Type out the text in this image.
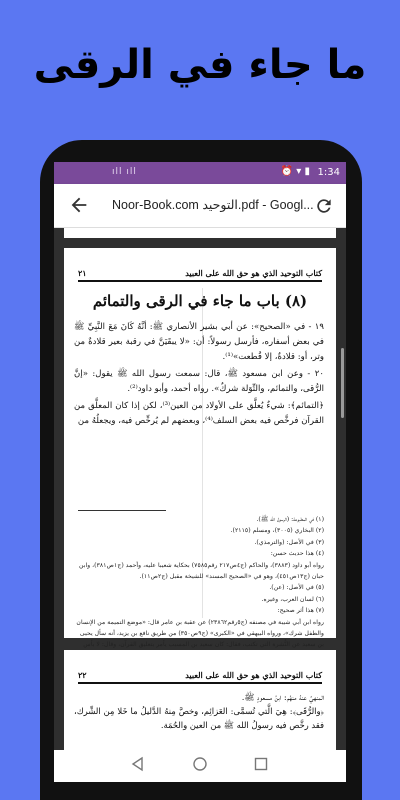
ما جاء في الرقى
ıll ıll	⏰ ▾ ▮ 1:34
Noor-Book.com التوحيد.pdf - Googl...
كتاب التوحيد الذي هو حق الله على العبيد
٢١
(٨) باب ما جاء في الرقى والتمائم

١٩ - في «الصحيح»: عن أبي بشير الأنصاري ﷺ: أنَّهُ كَانَ مَعَ النَّبِيِّ ﷺ في بعض أسفاره، فأرسل رسولاً: أن: «لا يبقَيَنَّ في رقبة بعير قلادةٌ من وتر، أو: قلادةٌ، إلا قُطعت»⁽¹⁾.

٢٠ - وعن ابن مسعود ﷺ، قال: سمعت رسول الله ﷺ يقول: «إنَّ الرُّقى، والتمائم، والتِّوَلة شركٌ». رواه أحمد، وأبو داود⁽²⁾.

﴿التمائم﴾: شيءٌ يُعلَّق على الأولاد من العين⁽³⁾، لكن إذا كان المعلَّق من القرآن فرخَّص فيه بعض السلف⁽⁴⁾، وبعضهم لم يُرخِّص فيه، ويجعلُهُ من

(١) في المطبوعة: (الرسول الله ﷺ).
(٢) البخاري (٣٠٠٥)، ومسلم (٢١١٥).
(٣) في الأصل: (والترمذي).
(٤) هذا حديث حسن:
رواه أبو داود (٣٨٨٣)، والحاكم (ج٤ص٢١٧ رقم٧٥٨٥) بحكاية شعيبا عليه، وأحمد (ج١ص٣٨١)، وابن حبان (ج١٣ص٤٥١)، وهو في «الصحيح المسند» للشيخة مقبل (ج٢ص١١).
(٥) في الأصل: (عن).
(٦) لسان العرب، وغيره.
(٧) هذا أثر صحيح:
رواه ابن أبي شيبة في مصنفه (ج٥رقم٢٣٨٦٢) عن عقبة بن عامر قال: «موضع التميمة من الإنسان والطفل شرك»، ورواه البيهقي في «الكبرى» (ج٩ص٣٥٠) من طريق نافع بن يزيد، أنه سأل يحيى بن سعيد عن النُّشرة التي تكتب، فقال: كان سعيد بن المسيب يأمر بتعليق القرآن، وقال: لا بأس
كتاب التوحيد الذي هو حق الله على العبيد
٢٢

المنهيِّ عنهُ منهُم: ابنُ مسعودٍ ﷺ.

﴿والرُّقَى﴾: هِيَ الَّتي تُسمَّى: العَزائِم، وخصَّ مِنهُ الدَّليلُ ما خَلا مِن الشِّرك، فقد رخَّص فيه رسولُ الله ﷺ من العين والحُمَة.
